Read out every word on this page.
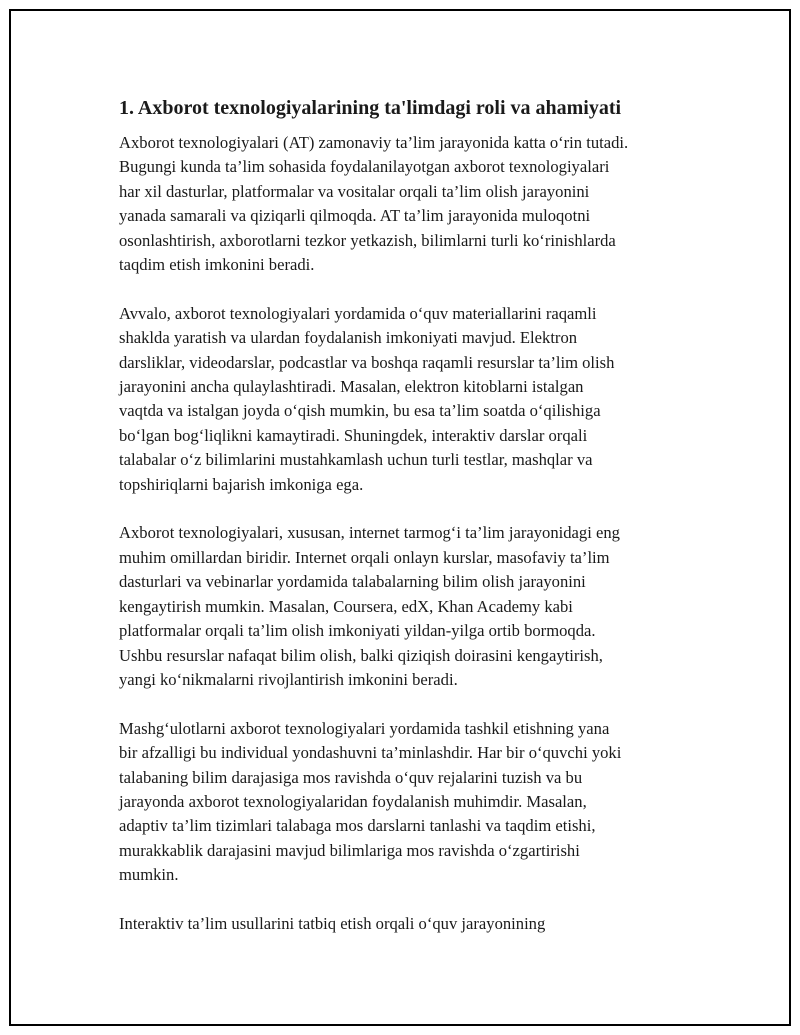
1. Axborot texnologiyalarining ta'limdagi roli va ahamiyati
Axborot texnologiyalari (AT) zamonaviy ta’lim jarayonida katta o‘rin tutadi.
Bugungi kunda ta’lim sohasida foydalanilayotgan axborot texnologiyalari
har xil dasturlar, platformalar va vositalar orqali ta’lim olish jarayonini
yanada samarali va qiziqarli qilmoqda. AT ta’lim jarayonida muloqotni
osonlashtirish, axborotlarni tezkor yetkazish, bilimlarni turli ko‘rinishlarda
taqdim etish imkonini beradi.
Avvalo, axborot texnologiyalari yordamida o‘quv materiallarini raqamli
shaklda yaratish va ulardan foydalanish imkoniyati mavjud. Elektron
darsliklar, videodarslar, podcastlar va boshqa raqamli resurslar ta’lim olish
jarayonini ancha qulaylashtiradi. Masalan, elektron kitoblarni istalgan
vaqtda va istalgan joyda o‘qish mumkin, bu esa ta’lim soatda o‘qilishiga
bo‘lgan bog‘liqlikni kamaytiradi. Shuningdek, interaktiv darslar orqali
talabalar o‘z bilimlarini mustahkamlash uchun turli testlar, mashqlar va
topshiriqlarni bajarish imkoniga ega.
Axborot texnologiyalari, xususan, internet tarmog‘i ta’lim jarayonidagi eng
muhim omillardan biridir. Internet orqali onlayn kurslar, masofaviy ta’lim
dasturlari va vebinarlar yordamida talabalarning bilim olish jarayonini
kengaytirish mumkin. Masalan, Coursera, edX, Khan Academy kabi
platformalar orqali ta’lim olish imkoniyati yildan-yilga ortib bormoqda.
Ushbu resurslar nafaqat bilim olish, balki qiziqish doirasini kengaytirish,
yangi ko‘nikmalarni rivojlantirish imkonini beradi.
Mashg‘ulotlarni axborot texnologiyalari yordamida tashkil etishning yana
bir afzalligi bu individual yondashuvni ta’minlashdir. Har bir o‘quvchi yoki
talabaning bilim darajasiga mos ravishda o‘quv rejalarini tuzish va bu
jarayonda axborot texnologiyalaridan foydalanish muhimdir. Masalan,
adaptiv ta’lim tizimlari talabaga mos darslarni tanlashi va taqdim etishi,
murakkablik darajasini mavjud bilimlariga mos ravishda o‘zgartirishi
mumkin.
Interaktiv ta’lim usullarini tatbiq etish orqali o‘quv jarayonining
